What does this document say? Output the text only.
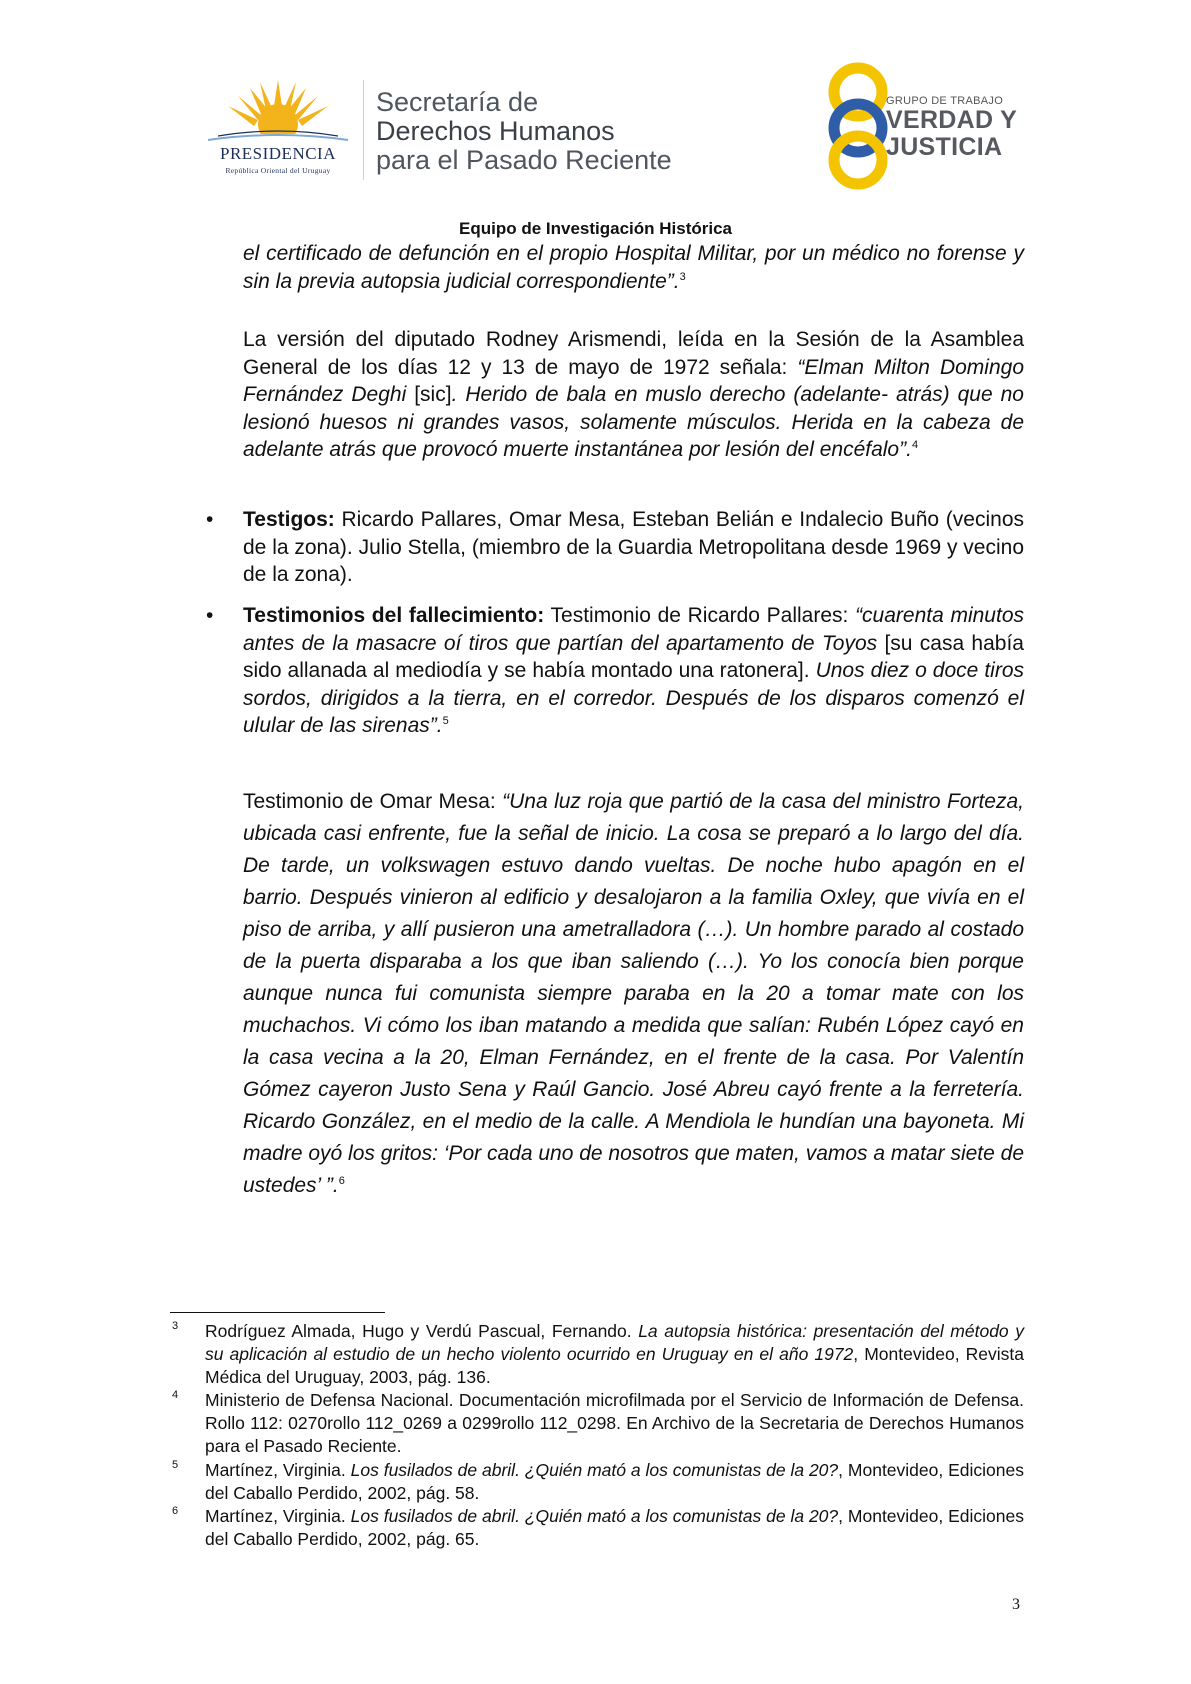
PRESIDENCIA
República Oriental del Uruguay
Secretaría de
Derechos Humanos
para el Pasado Reciente
GRUPO DE TRABAJO
VERDAD Y
JUSTICIA
Equipo de Investigación Histórica
el certificado de defunción en el propio Hospital Militar, por un médico no forense y sin la previa autopsia judicial correspondiente”.$^3$
La versión del diputado Rodney Arismendi, leída en la Sesión de la Asamblea General de los días 12 y 13 de mayo de 1972 señala: “Elman Milton Domingo Fernández Deghi [sic]. Herido de bala en muslo derecho (adelante- atrás) que no lesionó huesos ni grandes vasos, solamente músculos. Herida en la cabeza de adelante atrás que provocó muerte instantánea por lesión del encéfalo”.$^4$
• Testigos: Ricardo Pallares, Omar Mesa, Esteban Belián e Indalecio Buño (vecinos de la zona). Julio Stella, (miembro de la Guardia Metropolitana desde 1969 y vecino de la zona).
• Testimonios del fallecimiento: Testimonio de Ricardo Pallares: “cuarenta minutos antes de la masacre oí tiros que partían del apartamento de Toyos [su casa había sido allanada al mediodía y se había montado una ratonera]. Unos diez o doce tiros sordos, dirigidos a la tierra, en el corredor. Después de los disparos comenzó el ulular de las sirenas”.$^5$
Testimonio de Omar Mesa: “Una luz roja que partió de la casa del ministro Forteza, ubicada casi enfrente, fue la señal de inicio. La cosa se preparó a lo largo del día. De tarde, un volkswagen estuvo dando vueltas. De noche hubo apagón en el barrio. Después vinieron al edificio y desalojaron a la familia Oxley, que vivía en el piso de arriba, y allí pusieron una ametralladora (…). Un hombre parado al costado de la puerta disparaba a los que iban saliendo (…). Yo los conocía bien porque aunque nunca fui comunista siempre paraba en la 20 a tomar mate con los muchachos. Vi cómo los iban matando a medida que salían: Rubén López cayó en la casa vecina a la 20, Elman Fernández, en el frente de la casa. Por Valentín Gómez cayeron Justo Sena y Raúl Gancio. José Abreu cayó frente a la ferretería. Ricardo González, en el medio de la calle. A Mendiola le hundían una bayoneta. Mi madre oyó los gritos: ‘Por cada uno de nosotros que maten, vamos a matar siete de ustedes’ ”.$^6$
3 Rodríguez Almada, Hugo y Verdú Pascual, Fernando. La autopsia histórica: presentación del método y su aplicación al estudio de un hecho violento ocurrido en Uruguay en el año 1972, Montevideo, Revista Médica del Uruguay, 2003, pág. 136.
4 Ministerio de Defensa Nacional. Documentación microfilmada por el Servicio de Información de Defensa. Rollo 112: 0270rollo 112_0269 a 0299rollo 112_0298. En Archivo de la Secretaria de Derechos Humanos para el Pasado Reciente.
5 Martínez, Virginia. Los fusilados de abril. ¿Quién mató a los comunistas de la 20?, Montevideo, Ediciones del Caballo Perdido, 2002, pág. 58.
6 Martínez, Virginia. Los fusilados de abril. ¿Quién mató a los comunistas de la 20?, Montevideo, Ediciones del Caballo Perdido, 2002, pág. 65.
3
